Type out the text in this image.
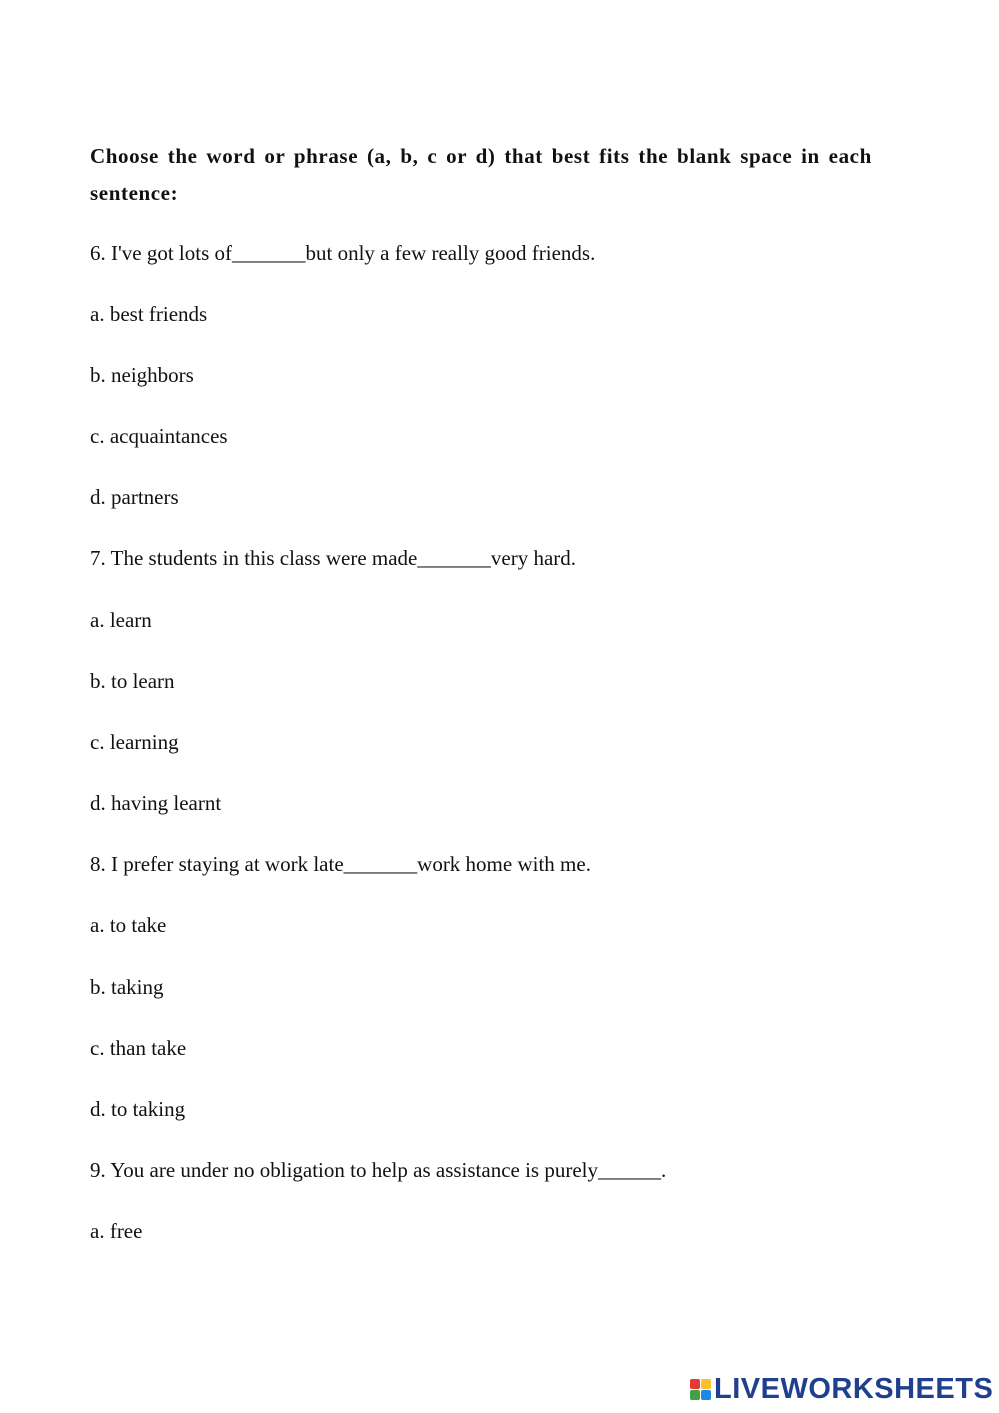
Choose the word or phrase (a, b, c or d) that best fits the blank space in each sentence:
6. I've got lots of_______but only a few really good friends.
a. best friends
b. neighbors
c. acquaintances
d. partners
7. The students in this class were made_______very hard.
a. learn
b. to learn
c. learning
d. having learnt
8. I prefer staying at work late_______work home with me.
a. to take
b. taking
c. than take
d. to taking
9. You are under no obligation to help as assistance is purely______.
a. free
LIVEWORKSHEETS
